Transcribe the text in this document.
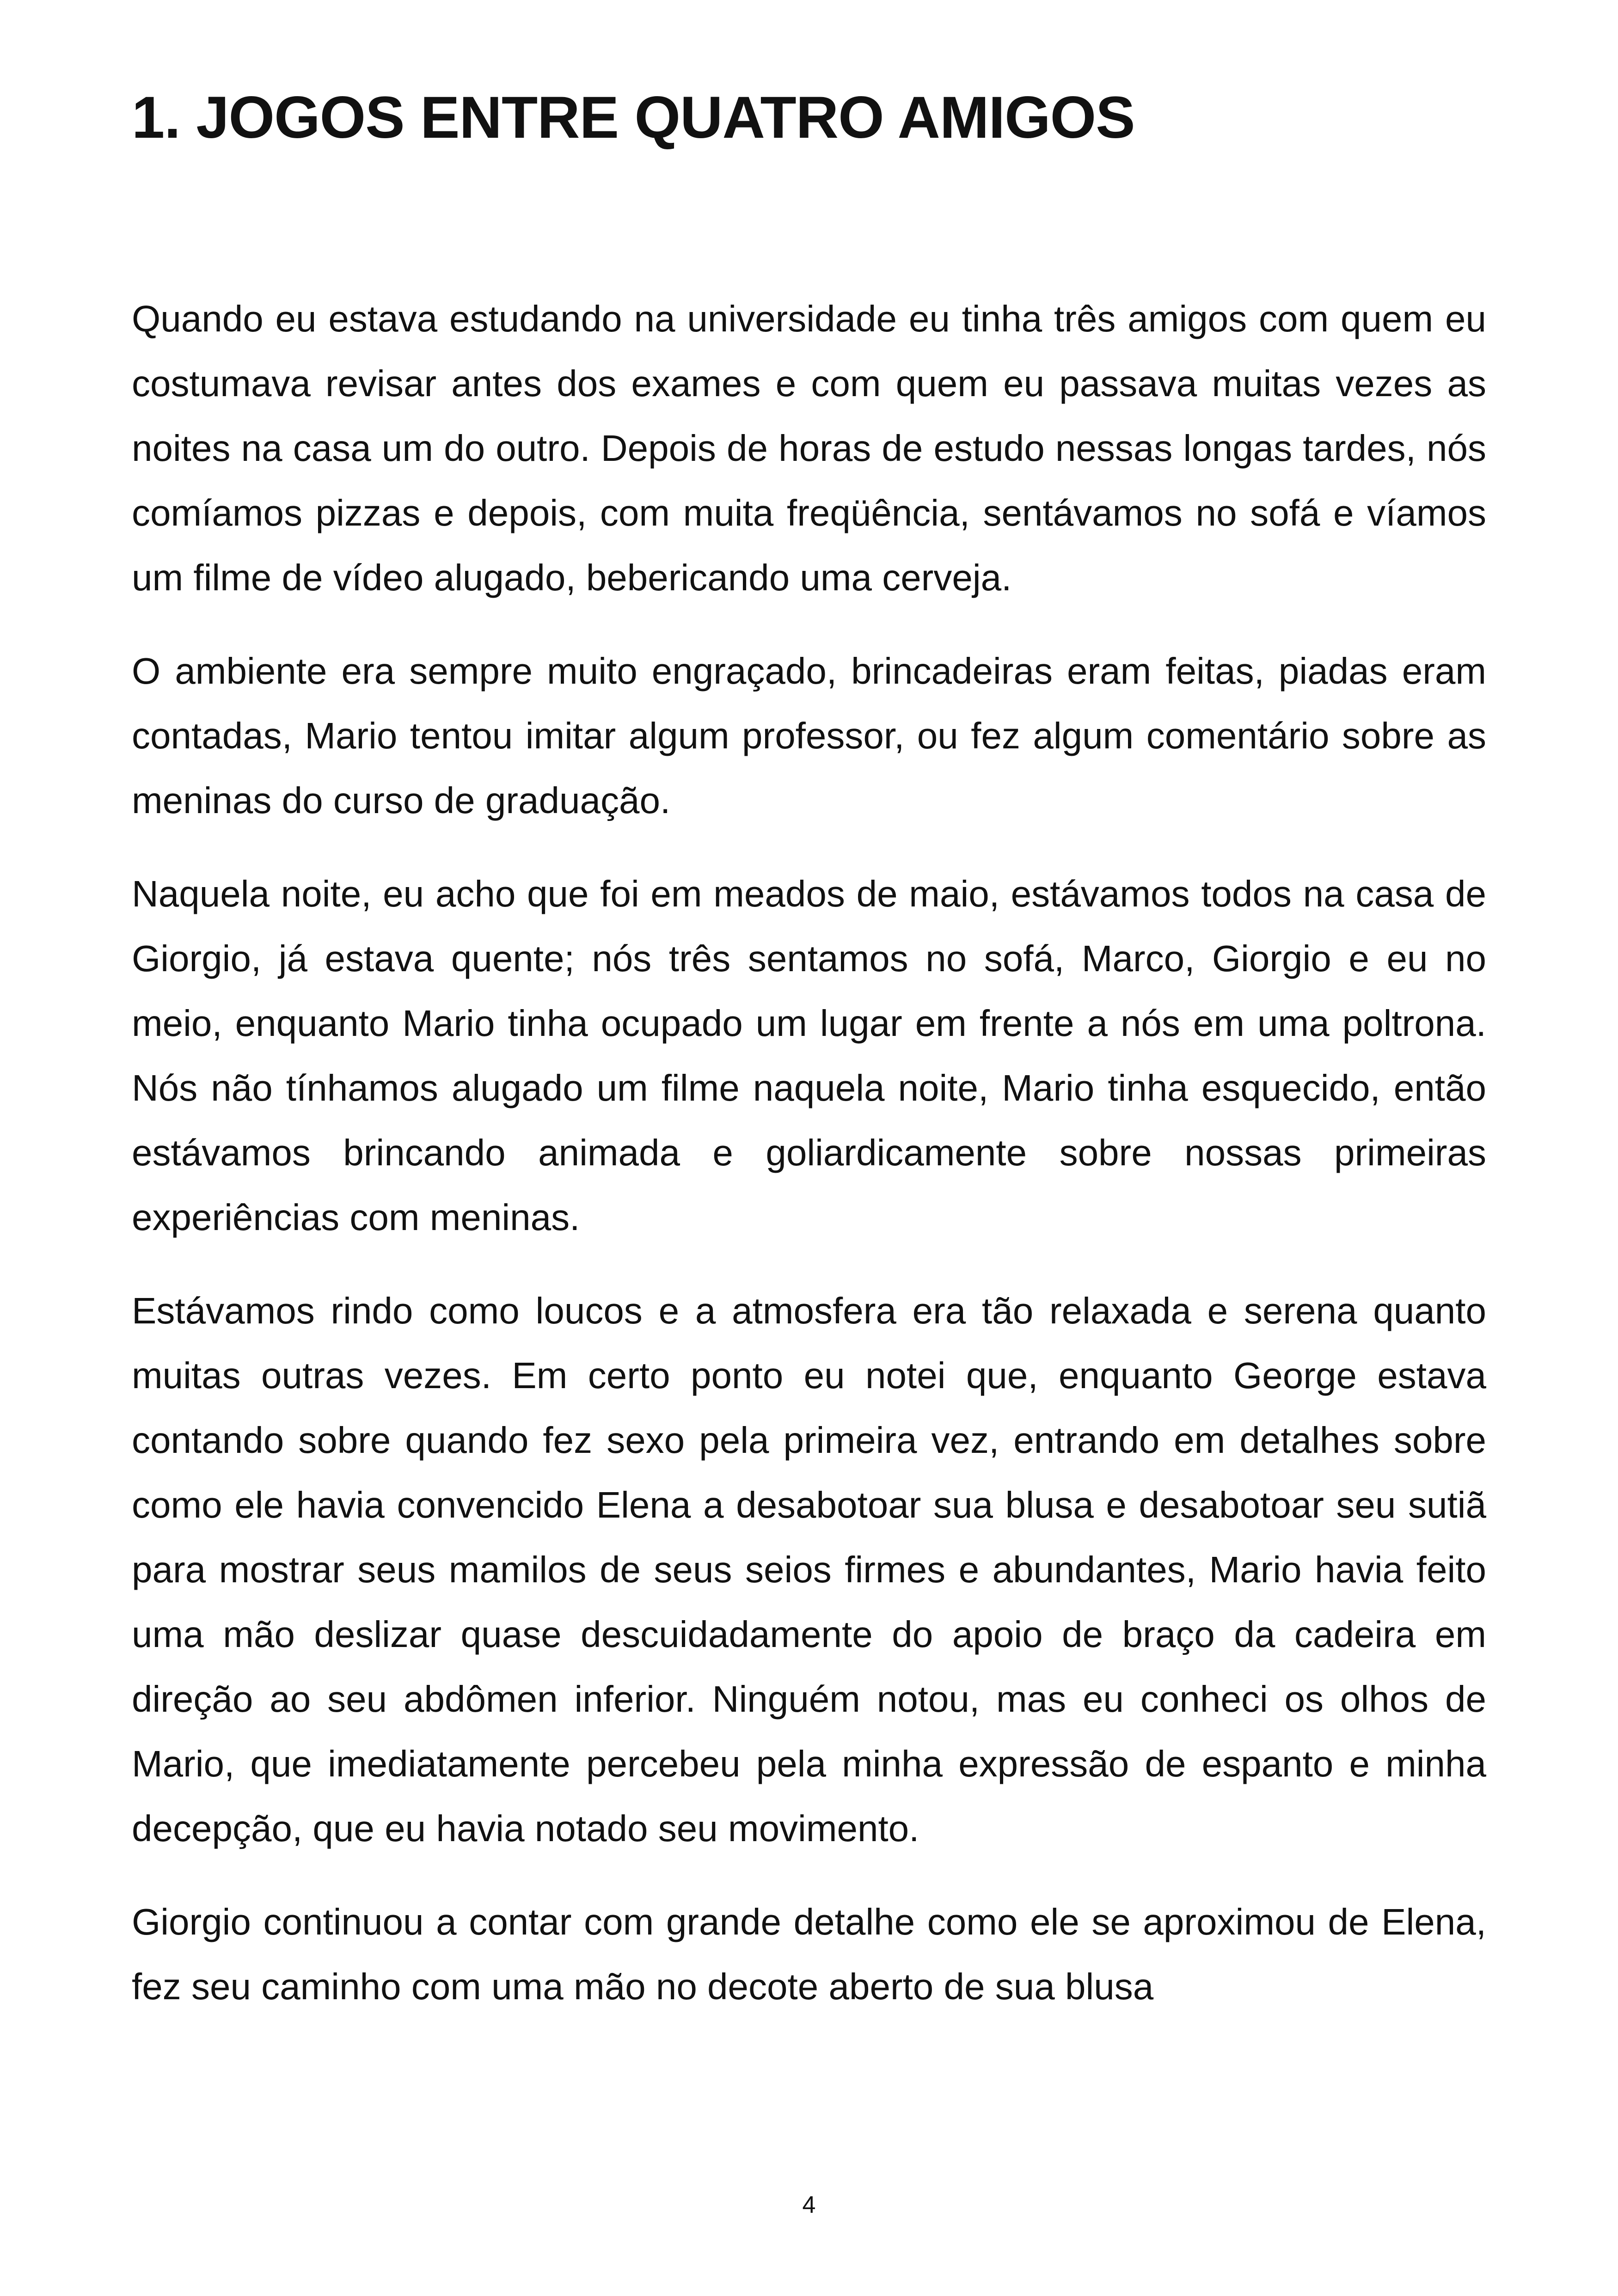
1. JOGOS ENTRE QUATRO AMIGOS

Quando eu estava estudando na universidade eu tinha três amigos com quem eu costumava revisar antes dos exames e com quem eu passava muitas vezes as noites na casa um do outro. Depois de horas de estudo nessas longas tardes, nós comíamos pizzas e depois, com muita freqüência, sentávamos no sofá e víamos um filme de vídeo alugado, bebericando uma cerveja.

O ambiente era sempre muito engraçado, brincadeiras eram feitas, piadas eram contadas, Mario tentou imitar algum professor, ou fez algum comentário sobre as meninas do curso de graduação.

Naquela noite, eu acho que foi em meados de maio, estávamos todos na casa de Giorgio, já estava quente; nós três sentamos no sofá, Marco, Giorgio e eu no meio, enquanto Mario tinha ocupado um lugar em frente a nós em uma poltrona. Nós não tínhamos alugado um filme naquela noite, Mario tinha esquecido, então estávamos brincando animada e goliardicamente sobre nossas primeiras experiências com meninas.

Estávamos rindo como loucos e a atmosfera era tão relaxada e serena quanto muitas outras vezes. Em certo ponto eu notei que, enquanto George estava contando sobre quando fez sexo pela primeira vez, entrando em detalhes sobre como ele havia convencido Elena a desabotoar sua blusa e desabotoar seu sutiã para mostrar seus mamilos de seus seios firmes e abundantes, Mario havia feito uma mão deslizar quase descuidadamente do apoio de braço da cadeira em direção ao seu abdômen inferior. Ninguém notou, mas eu conheci os olhos de Mario, que imediatamente percebeu pela minha expressão de espanto e minha decepção, que eu havia notado seu movimento.

Giorgio continuou a contar com grande detalhe como ele se aproximou de Elena, fez seu caminho com uma mão no decote aberto de sua blusa

4
